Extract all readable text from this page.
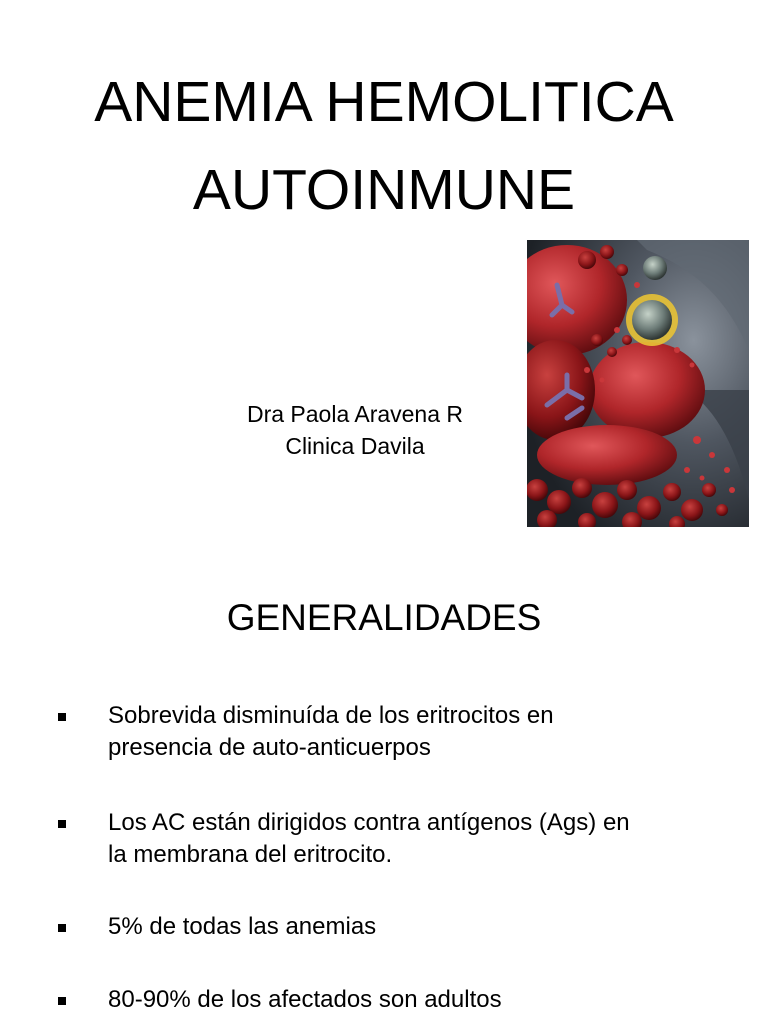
ANEMIA HEMOLITICA
AUTOINMUNE
Dra Paola Aravena R
Clinica Davila
GENERALIDADES
Sobrevida disminuída de los eritrocitos en
presencia de auto-anticuerpos
Los AC están dirigidos contra antígenos (Ags) en
la membrana del eritrocito.
5% de todas las anemias
80-90% de los afectados son adultos
